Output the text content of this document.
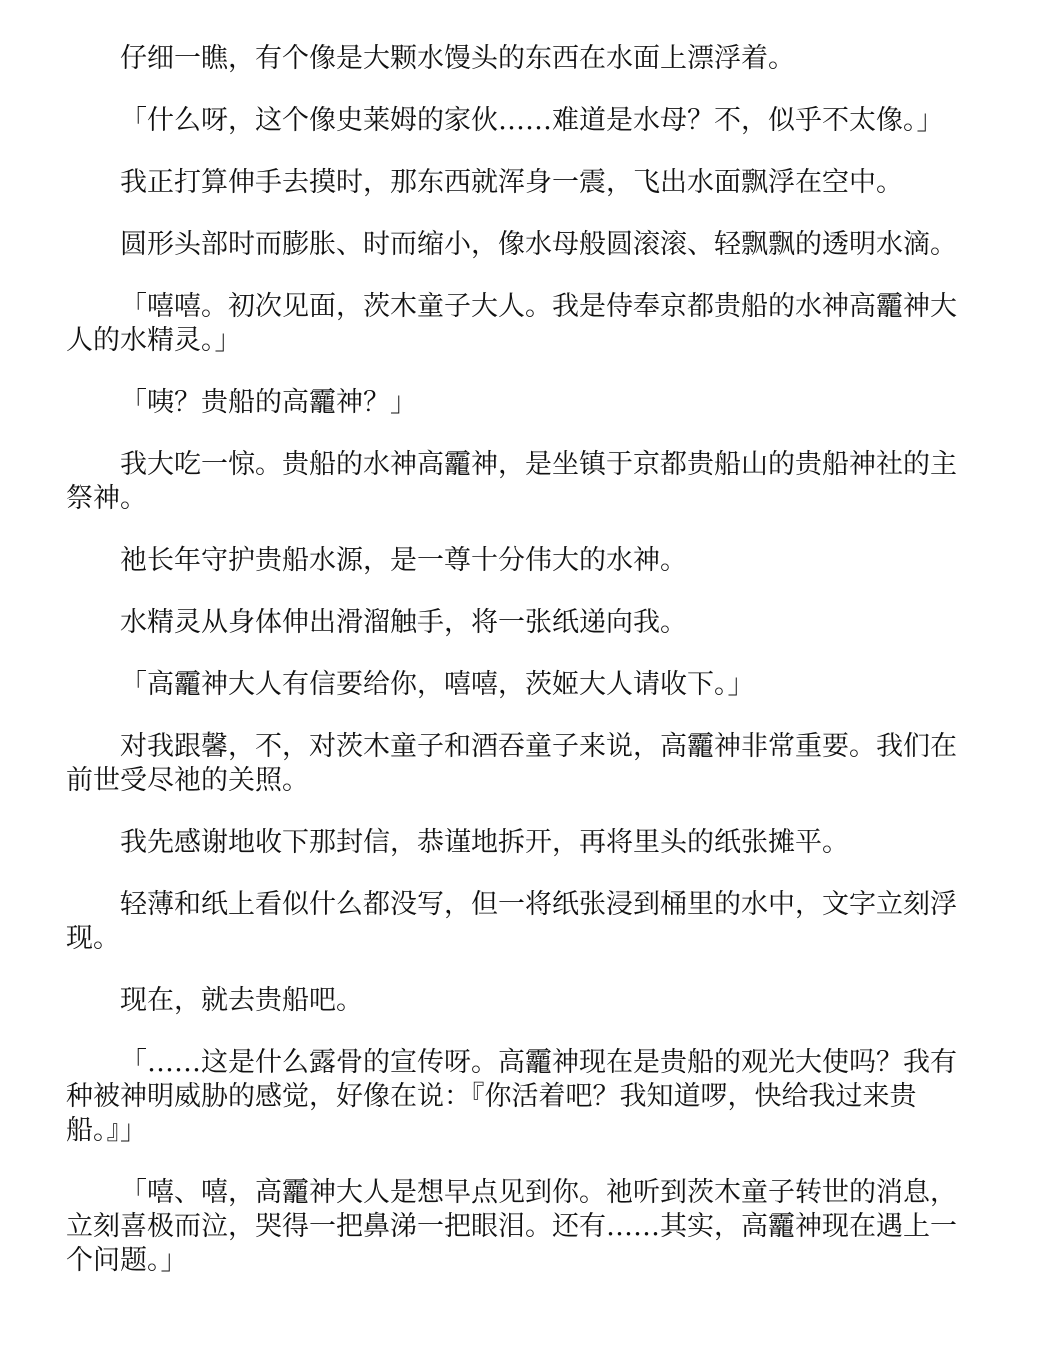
仔细一瞧，有个像是大颗水馒头的东西在水面上漂浮着。

「什么呀，这个像史莱姆的家伙……难道是水母？不，似乎不太像。」

我正打算伸手去摸时，那东西就浑身一震，飞出水面飘浮在空中。

圆形头部时而膨胀、时而缩小，像水母般圆滚滚、轻飘飘的透明水滴。

「嘻嘻。初次见面，茨木童子大人。我是侍奉京都贵船的水神高龗神大人的水精灵。」

「咦？贵船的高龗神？」

我大吃一惊。贵船的水神高龗神，是坐镇于京都贵船山的贵船神社的主祭神。

祂长年守护贵船水源，是一尊十分伟大的水神。

水精灵从身体伸出滑溜触手，将一张纸递向我。

「高龗神大人有信要给你，嘻嘻，茨姬大人请收下。」

对我跟馨，不，对茨木童子和酒吞童子来说，高龗神非常重要。我们在前世受尽祂的关照。

我先感谢地收下那封信，恭谨地拆开，再将里头的纸张摊平。

轻薄和纸上看似什么都没写，但一将纸张浸到桶里的水中，文字立刻浮现。

现在，就去贵船吧。

「……这是什么露骨的宣传呀。高龗神现在是贵船的观光大使吗？我有种被神明威胁的感觉，好像在说：『你活着吧？我知道啰，快给我过来贵船。』」

「嘻、嘻，高龗神大人是想早点见到你。祂听到茨木童子转世的消息，立刻喜极而泣，哭得一把鼻涕一把眼泪。还有……其实，高龗神现在遇上一个问题。」
